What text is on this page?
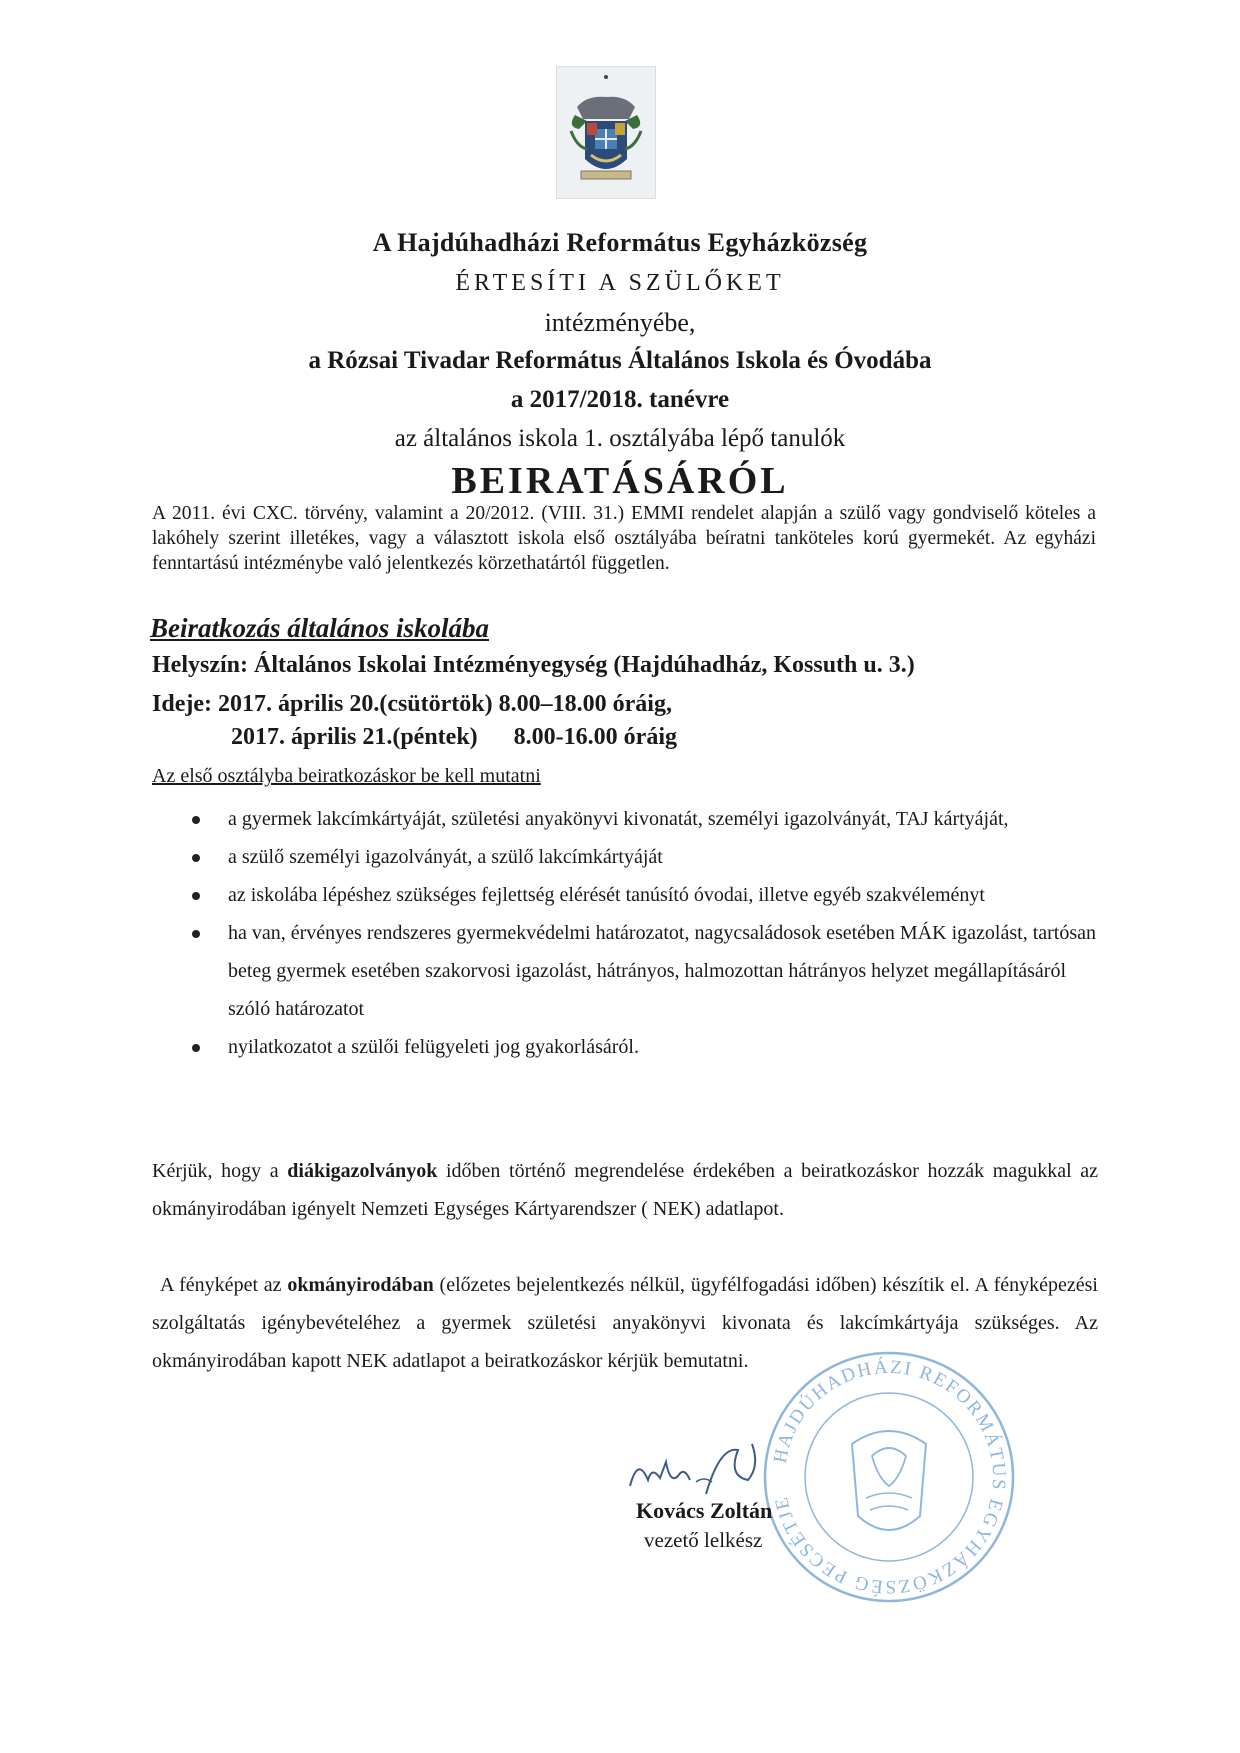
A Hajdúhadházi Református Egyházközség
ÉRTESÍTI A SZÜLŐKET
intézményébe,
a Rózsai Tivadar Református Általános Iskola és Óvodába
a 2017/2018. tanévre
az általános iskola 1. osztályába lépő tanulók
BEIRATÁSÁRÓL
A 2011. évi CXC. törvény, valamint a 20/2012. (VIII. 31.) EMMI rendelet alapján a szülő vagy gondviselő köteles a lakóhely szerint illetékes, vagy a választott iskola első osztályába beíratni tanköteles korú gyermekét. Az egyházi fenntartású intézménybe való jelentkezés körzethatártól független.
Beiratkozás általános iskolába
Helyszín: Általános Iskolai Intézményegység (Hajdúhadház, Kossuth u. 3.)
Ideje: 2017. április 20.(csütörtök) 8.00–18.00 óráig,
2017. április 21.(péntek)      8.00-16.00 óráig
Az első osztályba beiratkozáskor be kell mutatni
a gyermek lakcímkártyáját, születési anyakönyvi kivonatát, személyi igazolványát, TAJ kártyáját,
a szülő személyi igazolványát, a szülő lakcímkártyáját
az iskolába lépéshez szükséges fejlettség elérését tanúsító óvodai, illetve egyéb szakvéleményt
ha van, érvényes rendszeres gyermekvédelmi határozatot, nagycsaládosok esetében MÁK igazolást, tartósan beteg gyermek esetében szakorvosi igazolást, hátrányos, halmozottan hátrányos helyzet megállapításáról szóló határozatot
nyilatkozatot a szülői felügyeleti jog gyakorlásáról.
Kérjük, hogy a diákigazolványok időben történő megrendelése érdekében a beiratkozáskor hozzák magukkal az okmányirodában igényelt Nemzeti Egységes Kártyarendszer ( NEK) adatlapot.
A fényképet az okmányirodában (előzetes bejelentkezés nélkül, ügyfélfogadási időben) készítik el. A fényképezési szolgáltatás igénybevételéhez a gyermek születési anyakönyvi kivonata és lakcímkártyája szükséges. Az okmányirodában kapott NEK adatlapot a beiratkozáskor kérjük bemutatni.
HAJDÚHADHÁZI REFORMÁTUS EGYHÁZKÖZSÉG PECSÉTJE
Kovács Zoltán
vezető lelkész
